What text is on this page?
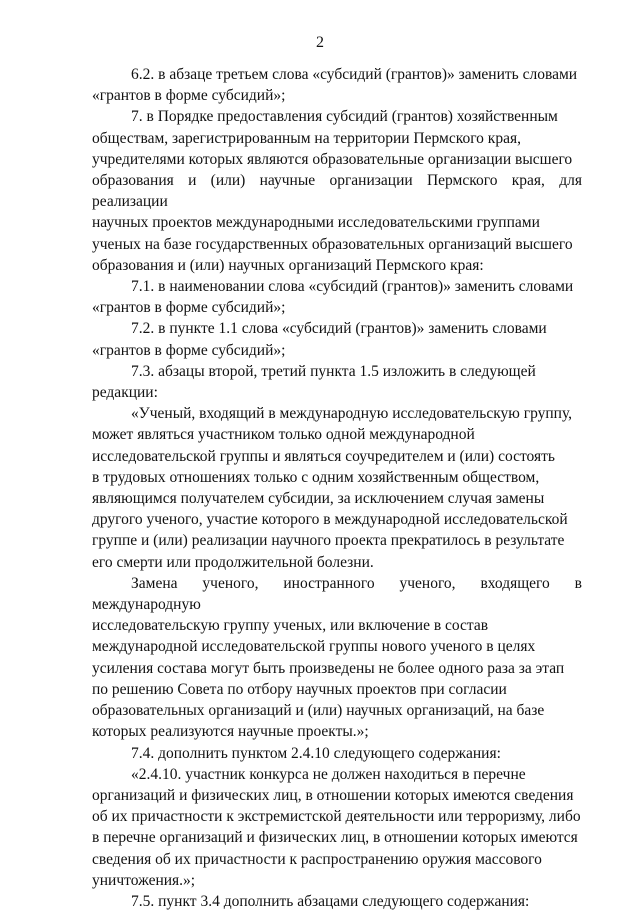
2

6.2. в абзаце третьем слова «субсидий (грантов)» заменить словами
«грантов в форме субсидий»;

7. в Порядке предоставления субсидий (грантов) хозяйственным
обществам, зарегистрированным на территории Пермского края,
учредителями которых являются образовательные организации высшего
образования и (или) научные организации Пермского края, для реализации
научных проектов международными исследовательскими группами
ученых на базе государственных образовательных организаций высшего
образования и (или) научных организаций Пермского края:

7.1. в наименовании слова «субсидий (грантов)» заменить словами
«грантов в форме субсидий»;

7.2. в пункте 1.1 слова «субсидий (грантов)» заменить словами
«грантов в форме субсидий»;

7.3. абзацы второй, третий пункта 1.5 изложить в следующей
редакции:

«Ученый, входящий в международную исследовательскую группу,
может являться участником только одной международной
исследовательской группы и являться соучредителем и (или) состоять
в трудовых отношениях только с одним хозяйственным обществом,
являющимся получателем субсидии, за исключением случая замены
другого ученого, участие которого в международной исследовательской
группе и (или) реализации научного проекта прекратилось в результате
его смерти или продолжительной болезни.

Замена ученого, иностранного ученого, входящего в международную
исследовательскую группу ученых, или включение в состав
международной исследовательской группы нового ученого в целях
усиления состава могут быть произведены не более одного раза за этап
по решению Совета по отбору научных проектов при согласии
образовательных организаций и (или) научных организаций, на базе
которых реализуются научные проекты.»;

7.4. дополнить пунктом 2.4.10 следующего содержания:

«2.4.10. участник конкурса не должен находиться в перечне
организаций и физических лиц, в отношении которых имеются сведения
об их причастности к экстремистской деятельности или терроризму, либо
в перечне организаций и физических лиц, в отношении которых имеются
сведения об их причастности к распространению оружия массового
уничтожения.»;

7.5. пункт 3.4 дополнить абзацами следующего содержания:
